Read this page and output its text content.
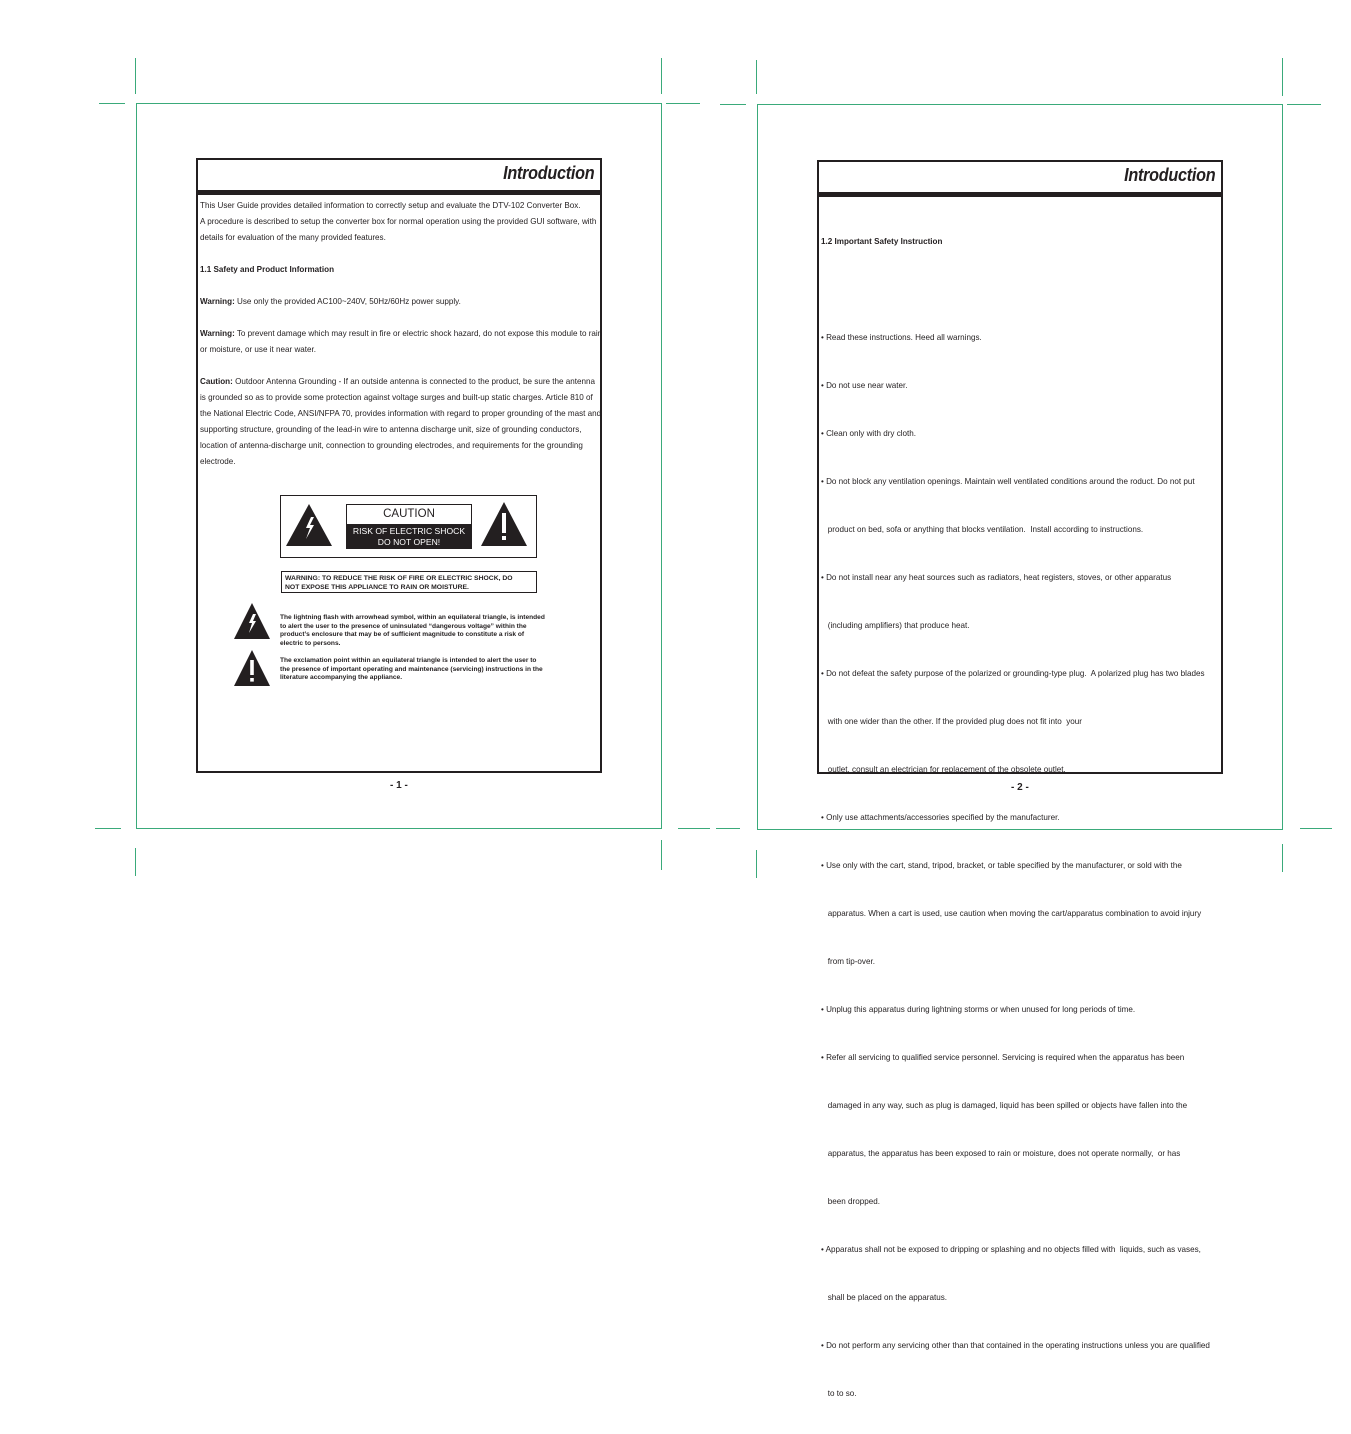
Introduction
This User Guide provides detailed information to correctly setup and evaluate the DTV-102 Converter Box.
A procedure is described to setup the converter box for normal operation using the provided GUI software, with
details for evaluation of the many provided features.
1.1 Safety and Product Information
Warning: Use only the provided AC100~240V, 50Hz/60Hz power supply.
Warning: To prevent damage which may result in fire or electric shock hazard, do not expose this module to rain
or moisture, or use it near water.
Caution: Outdoor Antenna Grounding - If an outside antenna is connected to the product, be sure the antenna
is grounded so as to provide some protection against voltage surges and built-up static charges. Article 810 of
the National Electric Code, ANSI/NFPA 70, provides information with regard to proper grounding of the mast and
supporting structure, grounding of the lead-in wire to antenna discharge unit, size of grounding conductors,
location of antenna-discharge unit, connection to grounding electrodes, and requirements for the grounding
electrode.
CAUTION
RISK OF ELECTRIC SHOCK
DO NOT OPEN!
WARNING: TO REDUCE THE RISK OF FIRE OR ELECTRIC SHOCK, DO
NOT EXPOSE THIS APPLIANCE TO RAIN OR MOISTURE.
The lightning flash with arrowhead symbol, within an equilateral triangle, is intended
to alert the user to the presence of uninsulated “dangerous voltage” within the
product’s enclosure that may be of sufficient magnitude to constitute a risk of
electric to persons.
The exclamation point within an equilateral triangle is intended to alert the user to
the presence of important operating and maintenance (servicing) instructions in the
literature accompanying the appliance.
- 1 -
Introduction

1.2 Important Safety Instruction

• Read these instructions. Heed all warnings.

• Do not use near water.

• Clean only with dry cloth.

• Do not block any ventilation openings. Maintain well ventilated conditions around the roduct. Do not put

product on bed, sofa or anything that blocks ventilation.  Install according to instructions.

• Do not install near any heat sources such as radiators, heat registers, stoves, or other apparatus

(including amplifiers) that produce heat.

• Do not defeat the safety purpose of the polarized or grounding-type plug.  A polarized plug has two blades

with one wider than the other. If the provided plug does not fit into  your

outlet, consult an electrician for replacement of the obsolete outlet.

• Only use attachments/accessories specified by the manufacturer.

• Use only with the cart, stand, tripod, bracket, or table specified by the manufacturer, or sold with the

apparatus. When a cart is used, use caution when moving the cart/apparatus combination to avoid injury

from tip-over.

• Unplug this apparatus during lightning storms or when unused for long periods of time.

• Refer all servicing to qualified service personnel. Servicing is required when the apparatus has been

damaged in any way, such as plug is damaged, liquid has been spilled or objects have fallen into the

apparatus, the apparatus has been exposed to rain or moisture, does not operate normally,  or has

been dropped.

• Apparatus shall not be exposed to dripping or splashing and no objects filled with  liquids, such as vases,

shall be placed on the apparatus.

• Do not perform any servicing other than that contained in the operating instructions unless you are qualified

to to so.

- 2 -
